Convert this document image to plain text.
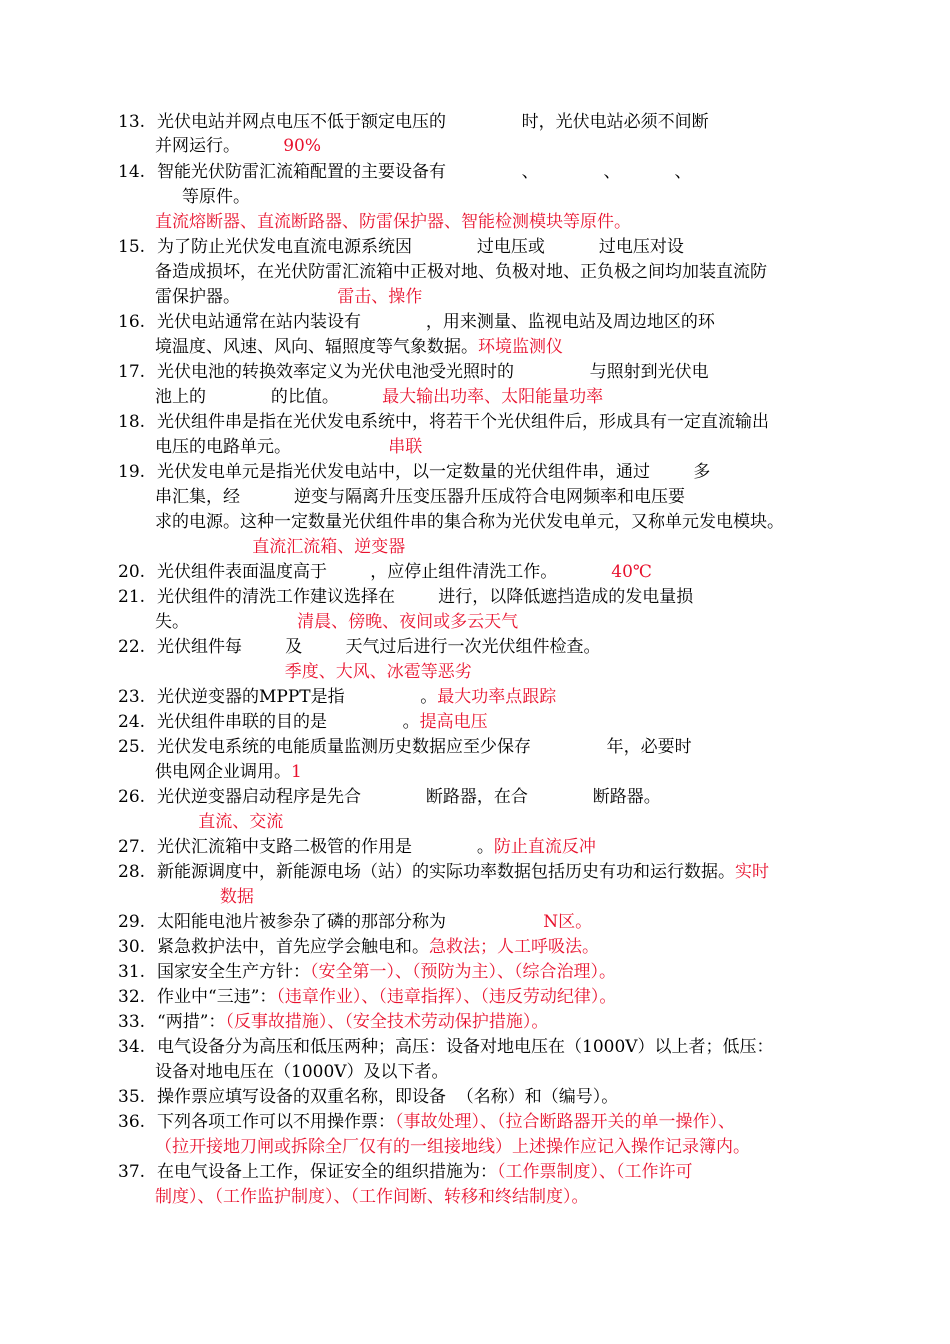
13. 光伏电站并网点电压不低于额定电压的              时，光伏电站必须不间断
并网运行。	90%
14. 智能光伏防雷汇流箱配置的主要设备有              、            、          、
等原件。
直流熔断器、直流断路器、防雷保护器、智能检测模块等原件。
15. 为了防止光伏发电直流电源系统因            过电压或          过电压对设
备造成损坏，在光伏防雷汇流箱中正极对地、负极对地、正负极之间均加装直流防
雷保护器。	雷击、操作
16. 光伏电站通常在站内装设有            ，用来测量、监视电站及周边地区的环
境温度、风速、风向、辐照度等气象数据。环境监测仪
17. 光伏电池的转换效率定义为光伏电池受光照时的              与照射到光伏电
池上的            的比值。	最大输出功率、太阳能量功率
18. 光伏组件串是指在光伏发电系统中，将若干个光伏组件后，形成具有一定直流输出
电压的电路单元。	串联
19. 光伏发电单元是指光伏发电站中，以一定数量的光伏组件串，通过        多
串汇集，经          逆变与隔离升压变压器升压成符合电网频率和电压要
求的电源。这种一定数量光伏组件串的集合称为光伏发电单元，又称单元发电模块。
直流汇流箱、逆变器
20. 光伏组件表面温度高于        ，应停止组件清洗工作。	40℃
21. 光伏组件的清洗工作建议选择在        进行，以降低遮挡造成的发电量损
失。	清晨、傍晚、夜间或多云天气
22. 光伏组件每        及        天气过后进行一次光伏组件检查。
季度、大风、冰雹等恶劣
23. 光伏逆变器的MPPT是指              。最大功率点跟踪
24. 光伏组件串联的目的是              。提高电压
25. 光伏发电系统的电能质量监测历史数据应至少保存              年，必要时
供电网企业调用。1
26. 光伏逆变器启动程序是先合            断路器，在合            断路器。
直流、交流
27. 光伏汇流箱中支路二极管的作用是            。防止直流反冲
28. 新能源调度中，新能源电场（站）的实际功率数据包括历史有功和运行数据。实时
数据
29. 太阳能电池片被参杂了磷的那部分称为                  N区。
30. 紧急救护法中，首先应学会触电和。急救法；人工呼吸法。
31. 国家安全生产方针：（安全第一）、（预防为主）、（综合治理）。
32. 作业中“三违”：（违章作业）、（违章指挥）、（违反劳动纪律）。
33. “两措”：（反事故措施）、（安全技术劳动保护措施）。
34. 电气设备分为高压和低压两种；高压：设备对地电压在（1000V）以上者；低压：
设备对地电压在（1000V）及以下者。
35. 操作票应填写设备的双重名称，即设备  （名称）和（编号）。
36. 下列各项工作可以不用操作票：（事故处理）、（拉合断路器开关的单一操作）、
（拉开接地刀闸或拆除全厂仅有的一组接地线）上述操作应记入操作记录簿内。
37. 在电气设备上工作，保证安全的组织措施为：（工作票制度）、（工作许可
制度）、（工作监护制度）、（工作间断、转移和终结制度）。
